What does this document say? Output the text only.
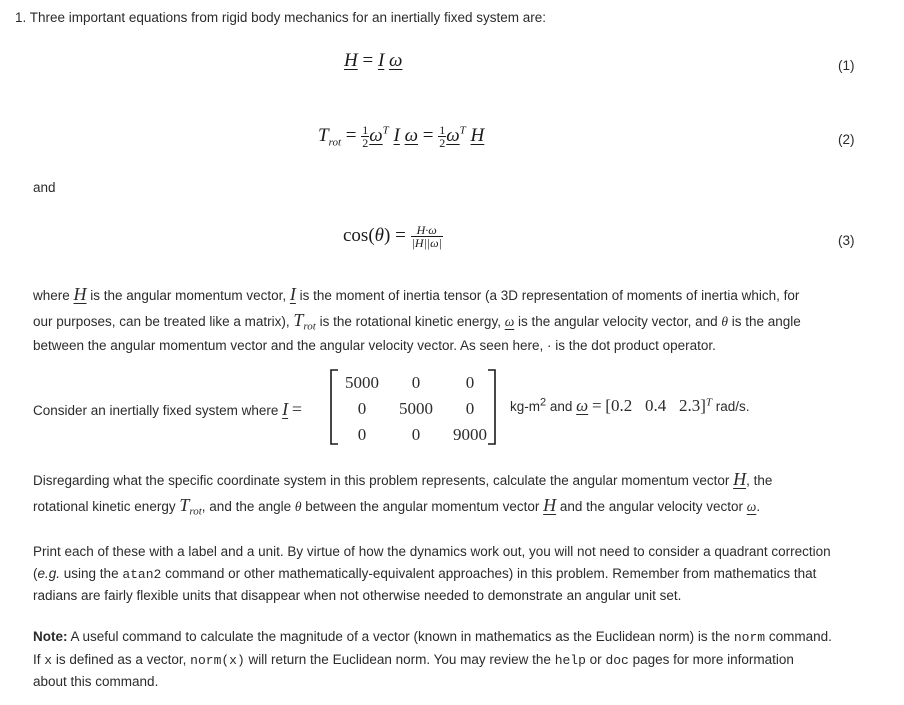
1. Three important equations from rigid body mechanics for an inertially fixed system are:
H = I ω	(1)
$T_{rot} = \frac{1}{2} \omega^T$ I $\omega = \frac{1}{2} \omega^T$ H	(2)
and
$\cos(\theta) = \frac{H\cdot\omega}{|H||\omega|}$	(3)
where H is the angular momentum vector, I is the moment of inertia tensor (a 3D representation of moments of inertia which, for
our purposes, can be treated like a matrix), $T_{rot}$ is the rotational kinetic energy, ω is the angular velocity vector, and θ is the angle
between the angular momentum vector and the angular velocity vector. As seen here, · is the dot product operator.
Consider an inertially fixed system where I =
5000	0	0
0	5000	0
0	0	9000
$kg-m^2$ and ω = [0.2   0.4   2.3]$^T$ rad/s.
Disregarding what the specific coordinate system in this problem represents, calculate the angular momentum vector H, the
rotational kinetic energy $T_{rot}$, and the angle θ between the angular momentum vector H and the angular velocity vector ω.
Print each of these with a label and a unit. By virtue of how the dynamics work out, you will not need to consider a quadrant correction
(e.g. using the atan2 command or other mathematically-equivalent approaches) in this problem. Remember from mathematics that
radians are fairly flexible units that disappear when not otherwise needed to demonstrate an angular unit set.
Note: A useful command to calculate the magnitude of a vector (known in mathematics as the Euclidean norm) is the norm command.
If x is defined as a vector, norm(x) will return the Euclidean norm. You may review the help or doc pages for more information
about this command.
